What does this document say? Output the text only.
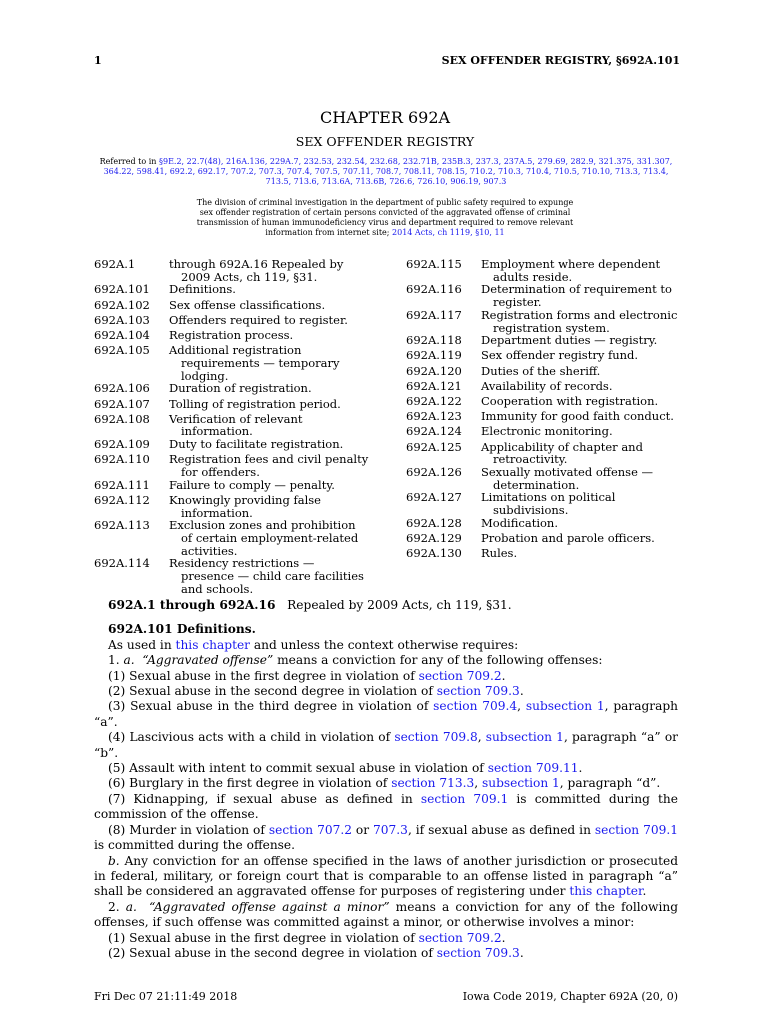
1	SEX OFFENDER REGISTRY, §692A.101
CHAPTER 692A
SEX OFFENDER REGISTRY
Referred to in §9E.2, 22.7(48), 216A.136, 229A.7, 232.53, 232.54, 232.68, 232.71B, 235B.3, 237.3, 237A.5, 279.69, 282.9, 321.375, 331.307, 364.22, 598.41, 692.2, 692.17, 707.2, 707.3, 707.4, 707.5, 707.11, 708.7, 708.11, 708.15, 710.2, 710.3, 710.4, 710.5, 710.10, 713.3, 713.4, 713.5, 713.6, 713.6A, 713.6B, 726.6, 726.10, 906.19, 907.3
The division of criminal investigation in the department of public safety required to expunge sex offender registration of certain persons convicted of the aggravated offense of criminal transmission of human immunodeficiency virus and department required to remove relevant information from internet site; 2014 Acts, ch 1119, §10, 11
692A.1	through 692A.16 Repealed by 2009 Acts, ch 119, §31.
692A.101	Definitions.
692A.102	Sex offense classifications.
692A.103	Offenders required to register.
692A.104	Registration process.
692A.105	Additional registration requirements — temporary lodging.
692A.106	Duration of registration.
692A.107	Tolling of registration period.
692A.108	Verification of relevant information.
692A.109	Duty to facilitate registration.
692A.110	Registration fees and civil penalty for offenders.
692A.111	Failure to comply — penalty.
692A.112	Knowingly providing false information.
692A.113	Exclusion zones and prohibition of certain employment-related activities.
692A.114	Residency restrictions — presence — child care facilities and schools.
692A.115	Employment where dependent adults reside.
692A.116	Determination of requirement to register.
692A.117	Registration forms and electronic registration system.
692A.118	Department duties — registry.
692A.119	Sex offender registry fund.
692A.120	Duties of the sheriff.
692A.121	Availability of records.
692A.122	Cooperation with registration.
692A.123	Immunity for good faith conduct.
692A.124	Electronic monitoring.
692A.125	Applicability of chapter and retroactivity.
692A.126	Sexually motivated offense — determination.
692A.127	Limitations on political subdivisions.
692A.128	Modification.
692A.129	Probation and parole officers.
692A.130	Rules.

692A.1 through 692A.16 Repealed by 2009 Acts, ch 119, §31.

692A.101 Definitions.

As used in this chapter and unless the context otherwise requires:

1. a. “Aggravated offense” means a conviction for any of the following offenses:

(1) Sexual abuse in the first degree in violation of section 709.2.

(2) Sexual abuse in the second degree in violation of section 709.3.

(3) Sexual abuse in the third degree in violation of section 709.4, subsection 1, paragraph “a”.

(4) Lascivious acts with a child in violation of section 709.8, subsection 1, paragraph “a” or “b”.

(5) Assault with intent to commit sexual abuse in violation of section 709.11.

(6) Burglary in the first degree in violation of section 713.3, subsection 1, paragraph “d”.

(7) Kidnapping, if sexual abuse as defined in section 709.1 is committed during the commission of the offense.

(8) Murder in violation of section 707.2 or 707.3, if sexual abuse as defined in section 709.1 is committed during the offense.

b. Any conviction for an offense specified in the laws of another jurisdiction or prosecuted in federal, military, or foreign court that is comparable to an offense listed in paragraph “a” shall be considered an aggravated offense for purposes of registering under this chapter.

2. a. “Aggravated offense against a minor” means a conviction for any of the following offenses, if such offense was committed against a minor, or otherwise involves a minor:

(1) Sexual abuse in the first degree in violation of section 709.2.

(2) Sexual abuse in the second degree in violation of section 709.3.

Fri Dec 07 21:11:49 2018	Iowa Code 2019, Chapter 692A (20, 0)
